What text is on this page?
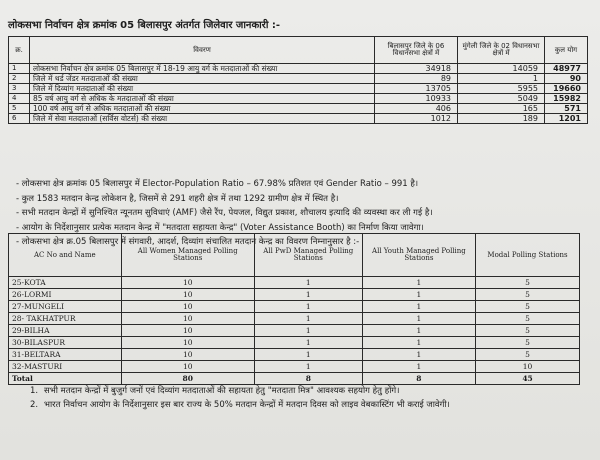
लोकसभा निर्वाचन क्षेत्र क्रमांक 05 बिलासपुर अंतर्गत जिलेवार जानकारी :-
क्र.	विवरण	बिलासपुर जिले के 06 विधानसभा क्षेत्रों में	मुंगेली जिले के 02 विधानसभा क्षेत्रों में	कुल योग
1	लोकसभा निर्वाचन क्षेत्र क्रमांक 05 बिलासपुर में 18-19 आयु वर्ग के मतदाताओं की संख्या	34918	14059	48977
2	जिले में थर्ड जेंडर मतदाताओं की संख्या	89	1	90
3	जिले में दिव्यांग मतदाताओं की संख्या	13705	5955	19660
4	85 वर्ष आयु वर्ग से अधिक के मतदाताओं की संख्या	10933	5049	15982
5	100 वर्ष आयु वर्ग से अधिक मतदाताओं की संख्या	406	165	571
6	जिले में सेवा मतदाताओं (सर्विस वोटर्स) की संख्या	1012	189	1201
- लोकसभा क्षेत्र क्रमांक 05 बिलासपुर में Elector-Population Ratio – 67.98% प्रतिशत एवं Gender Ratio – 991 है।
- कुल 1583 मतदान केन्द्र लोकेशन है, जिसमें से 291 शहरी क्षेत्र में तथा 1292 ग्रामीण क्षेत्र में स्थित है।
- सभी मतदान केन्द्रों में सुनिश्चित न्यूनतम सुविधाएं (AMF) जैसे रैंप, पेयजल, विद्युत प्रकाश, शौचालय इत्यादि की व्यवस्था कर ली गई है।
- आयोग के निर्देशानुसार प्रत्येक मतदान केन्द्र में "मतदाता सहायता केन्द्र" (Voter Assistance Booth) का निर्माण किया जावेगा।
- लोकसभा क्षेत्र क्र.05 बिलासपुर में संगवारी, आदर्श, दिव्यांग संचालित मतदान केन्द्र का विवरण निम्नानुसार है :-
AC No and Name	All Women Managed Polling Stations	All PwD Managed Polling Stations	All Youth Managed Polling Stations	Modal Polling Stations
25-KOTA	10	1	1	5
26-LORMI	10	1	1	5
27-MUNGELI	10	1	1	5
28- TAKHATPUR	10	1	1	5
29-BILHA	10	1	1	5
30-BILASPUR	10	1	1	5
31-BELTARA	10	1	1	5
32-MASTURI	10	1	1	10
Total	80	8	8	45
1. सभी मतदान केन्द्रों में बुजुर्ग जनों एवं दिव्यांग मतदाताओं की सहायता हेतु "मतदाता मित्र" आवश्यक सहयोग हेतु होंगे।
2. भारत निर्वाचन आयोग के निर्देशानुसार इस बार राज्य के 50% मतदान केन्द्रों में मतदान दिवस को लाइव वेबकास्टिंग भी कराई जावेगी।
